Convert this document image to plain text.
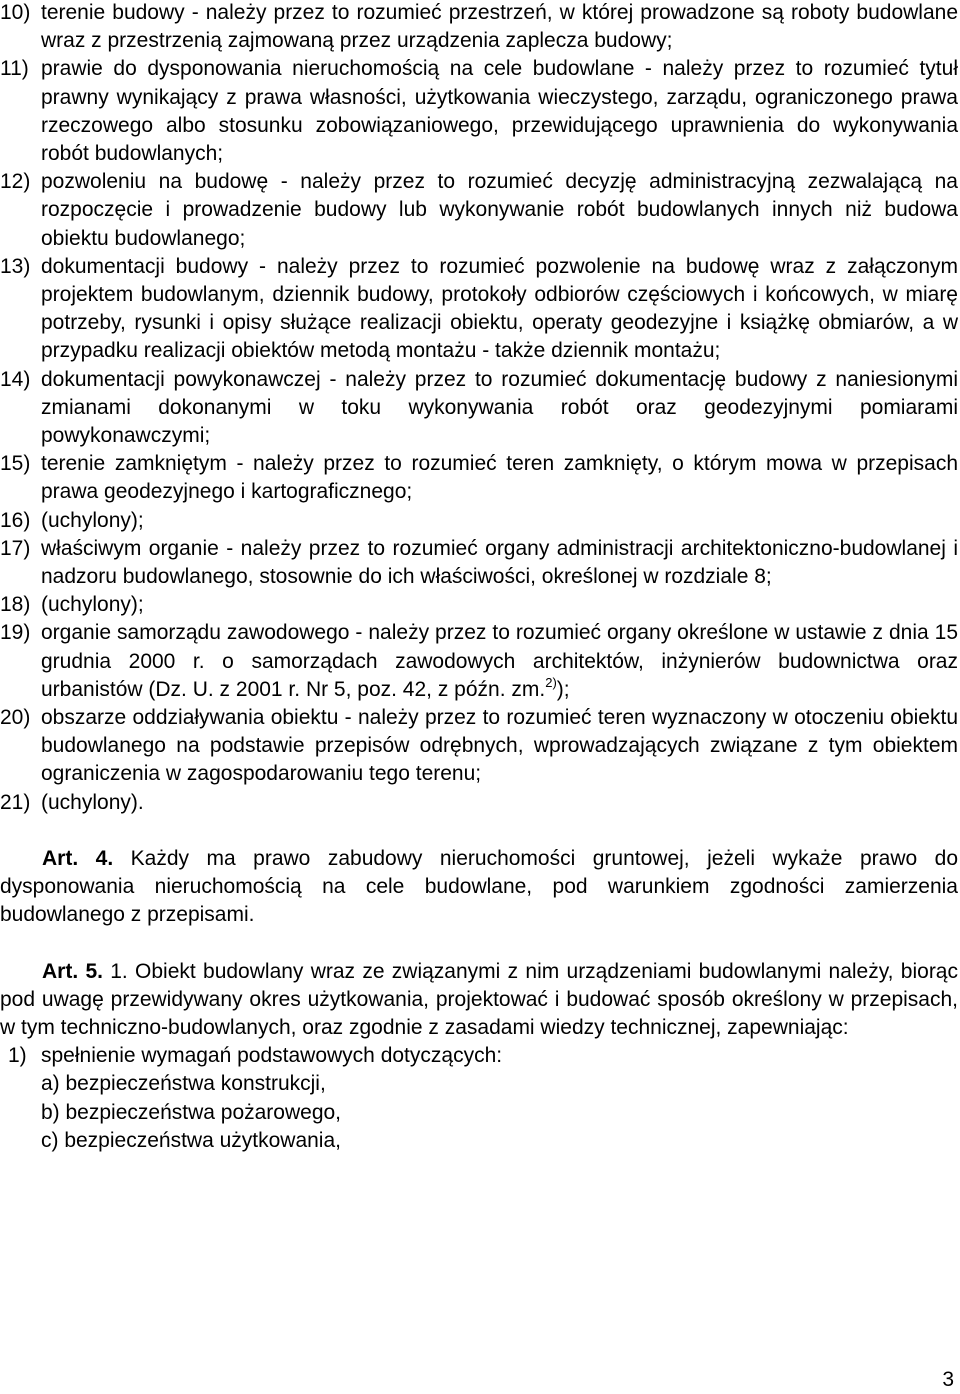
10) terenie budowy - należy przez to rozumieć przestrzeń, w której prowadzone są roboty budowlane wraz z przestrzenią zajmowaną przez urządzenia zaplecza budowy;
11) prawie do dysponowania nieruchomością na cele budowlane - należy przez to rozumieć tytuł prawny wynikający z prawa własności, użytkowania wieczystego, zarządu, ograniczonego prawa rzeczowego albo stosunku zobowiązaniowego, przewidującego uprawnienia do wykonywania robót budowlanych;
12) pozwoleniu na budowę - należy przez to rozumieć decyzję administracyjną zezwalającą na rozpoczęcie i prowadzenie budowy lub wykonywanie robót budowlanych innych niż budowa obiektu budowlanego;
13) dokumentacji budowy - należy przez to rozumieć pozwolenie na budowę wraz z załączonym projektem budowlanym, dziennik budowy, protokoły odbiorów częściowych i końcowych, w miarę potrzeby, rysunki i opisy służące realizacji obiektu, operaty geodezyjne i książkę obmiarów, a w przypadku realizacji obiektów metodą montażu - także dziennik montażu;
14) dokumentacji powykonawczej - należy przez to rozumieć dokumentację budowy z naniesionymi zmianami dokonanymi w toku wykonywania robót oraz geodezyjnymi pomiarami powykonawczymi;
15) terenie zamkniętym - należy przez to rozumieć teren zamknięty, o którym mowa w przepisach prawa geodezyjnego i kartograficznego;
16) (uchylony);
17) właściwym organie - należy przez to rozumieć organy administracji architektoniczno-budowlanej i nadzoru budowlanego, stosownie do ich właściwości, określonej w rozdziale 8;
18) (uchylony);
19) organie samorządu zawodowego - należy przez to rozumieć organy określone w ustawie z dnia 15 grudnia 2000 r. o samorządach zawodowych architektów, inżynierów budownictwa oraz urbanistów (Dz. U. z 2001 r. Nr 5, poz. 42, z późn. zm.$^{2)}$);
20) obszarze oddziaływania obiektu - należy przez to rozumieć teren wyznaczony w otoczeniu obiektu budowlanego na podstawie przepisów odrębnych, wprowadzających związane z tym obiektem ograniczenia w zagospodarowaniu tego terenu;
21) (uchylony).
Art. 4. Każdy ma prawo zabudowy nieruchomości gruntowej, jeżeli wykaże prawo do dysponowania nieruchomością na cele budowlane, pod warunkiem zgodności zamierzenia budowlanego z przepisami.
Art. 5. 1. Obiekt budowlany wraz ze związanymi z nim urządzeniami budowlanymi należy, biorąc pod uwagę przewidywany okres użytkowania, projektować i budować sposób określony w przepisach, w tym techniczno-budowlanych, oraz zgodnie z zasadami wiedzy technicznej, zapewniając:
1) spełnienie wymagań podstawowych dotyczących:
a) bezpieczeństwa konstrukcji,
b) bezpieczeństwa pożarowego,
c) bezpieczeństwa użytkowania,
3
